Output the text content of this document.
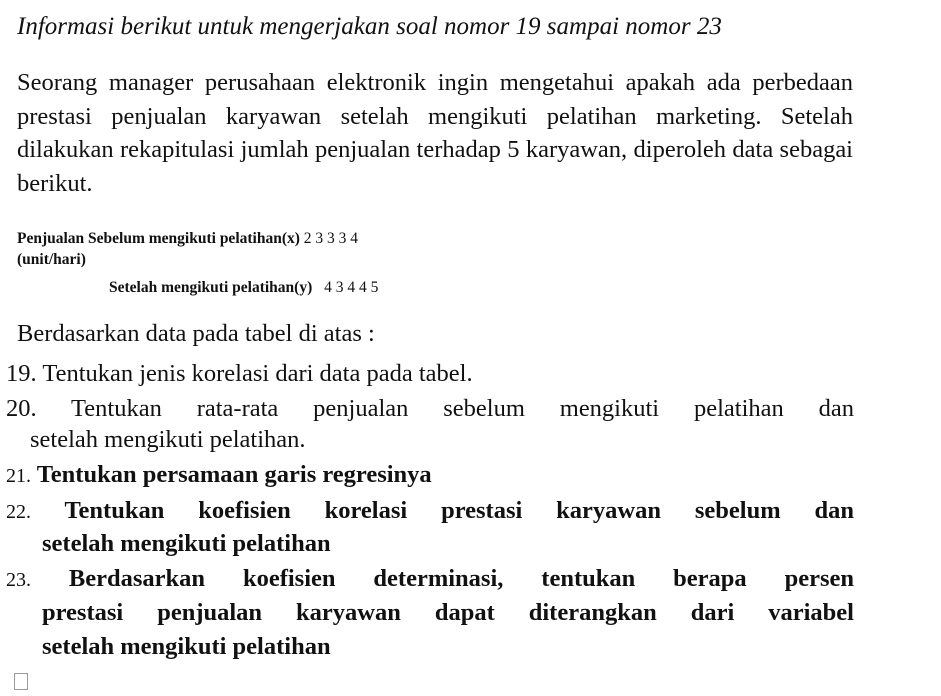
Informasi berikut untuk mengerjakan soal nomor 19 sampai nomor 23

Seorang manager perusahaan elektronik ingin mengetahui apakah ada perbedaan prestasi penjualan karyawan setelah mengikuti pelatihan marketing. Setelah dilakukan rekapitulasi jumlah penjualan terhadap 5 karyawan, diperoleh data sebagai berikut.

Penjualan Sebelum mengikuti pelatihan(x) 2 3 3 3 4
(unit/hari)
Setelah mengikuti pelatihan(y) 4 3 4 4 5
Berdasarkan data pada tabel di atas :
19. Tentukan jenis korelasi dari data pada tabel.
20. Tentukan rata-rata penjualan sebelum mengikuti pelatihan dan
setelah mengikuti pelatihan.
21. Tentukan persamaan garis regresinya
22. Tentukan koefisien korelasi prestasi karyawan sebelum dan
setelah mengikuti pelatihan
23. Berdasarkan koefisien determinasi, tentukan berapa persen
prestasi penjualan karyawan dapat diterangkan dari variabel
setelah mengikuti pelatihan
